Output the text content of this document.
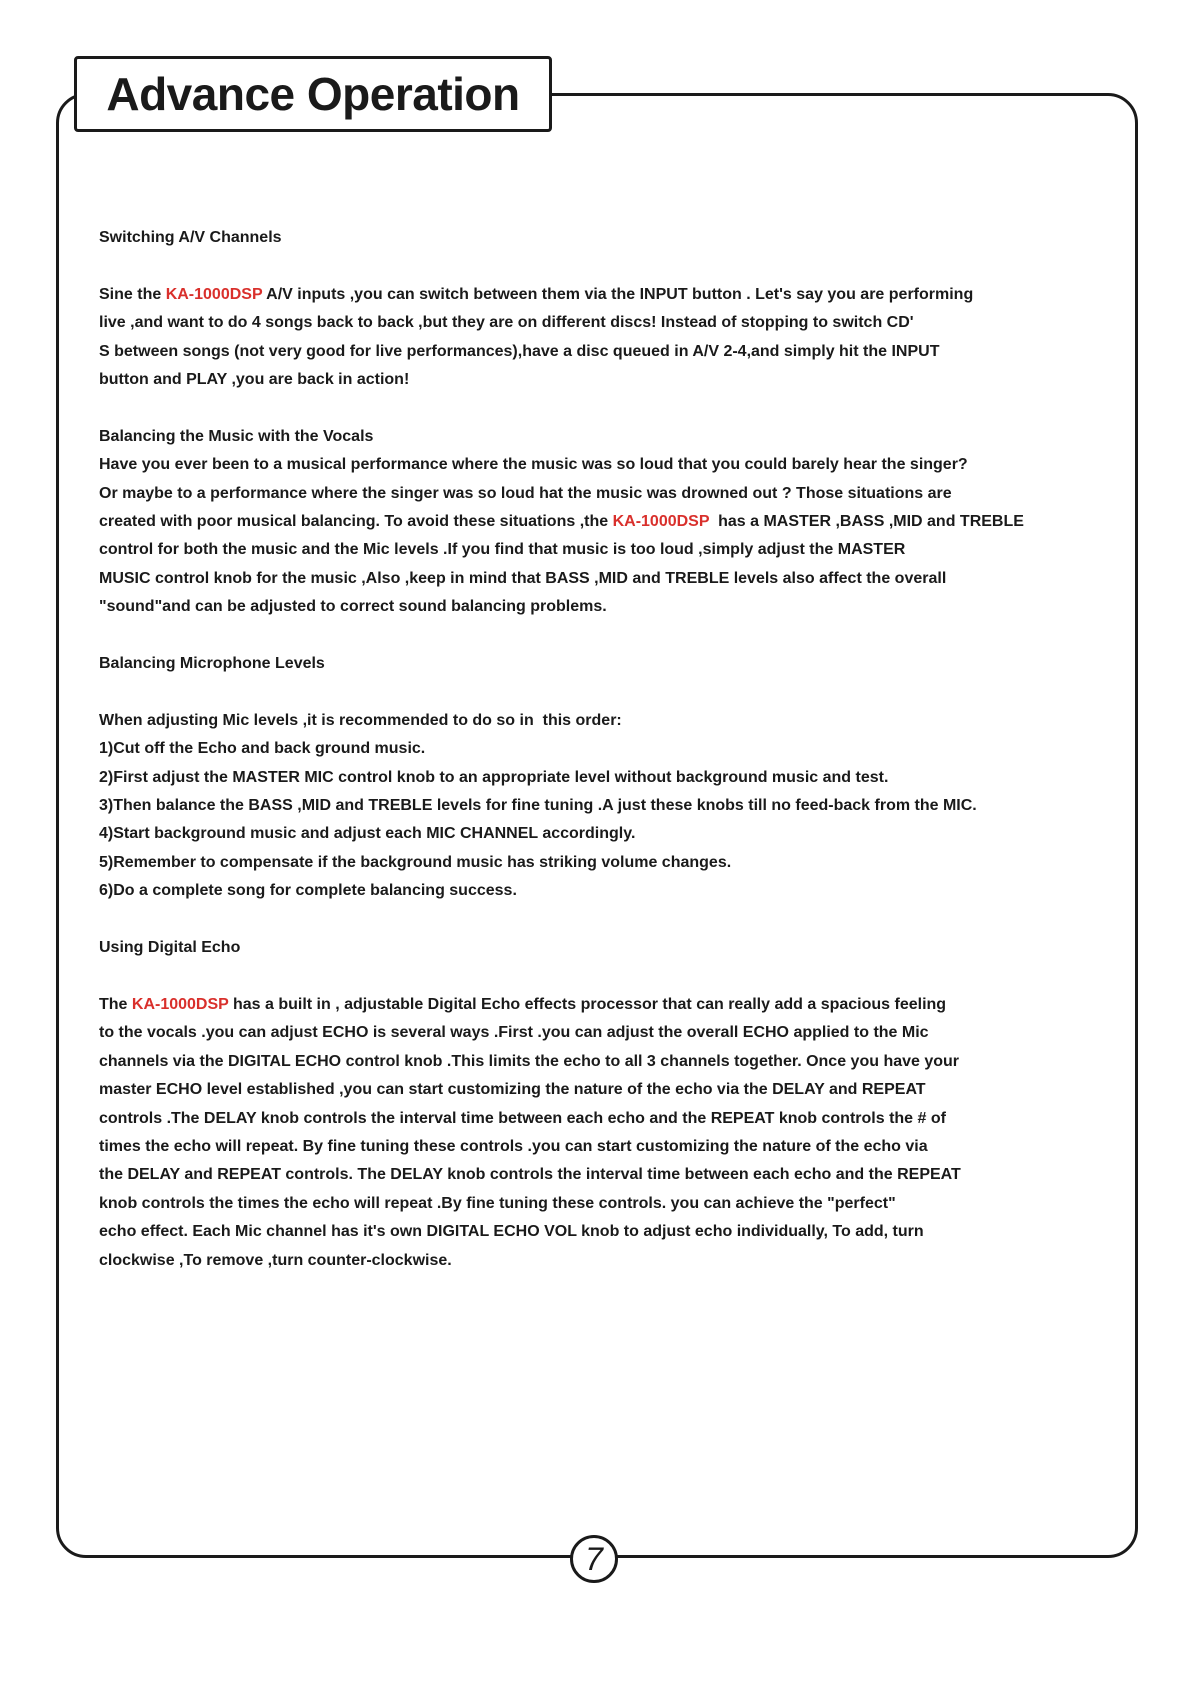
Advance Operation

Switching A/V Channels

Sine the KA-1000DSP A/V inputs ,you can switch between them via the INPUT button . Let's say you are performing

live ,and want to do 4 songs back to back ,but they are on different discs! Instead of stopping to switch CD'

S between songs (not very good for live performances),have a disc queued in A/V 2-4,and simply hit the INPUT

button and PLAY ,you are back in action!

Balancing the Music with the Vocals

Have you ever been to a musical performance where the music was so loud that you could barely hear the singer?

Or maybe to a performance where the singer was so loud hat the music was drowned out ? Those situations are

created with poor musical balancing. To avoid these situations ,the KA-1000DSP  has a MASTER ,BASS ,MID and TREBLE

control for both the music and the Mic levels .If you find that music is too loud ,simply adjust the MASTER

MUSIC control knob for the music ,Also ,keep in mind that BASS ,MID and TREBLE levels also affect the overall

"sound"and can be adjusted to correct sound balancing problems.

Balancing Microphone Levels

When adjusting Mic levels ,it is recommended to do so in  this order:

1)Cut off the Echo and back ground music.

2)First adjust the MASTER MIC control knob to an appropriate level without background music and test.

3)Then balance the BASS ,MID and TREBLE levels for fine tuning .A just these knobs till no feed-back from the MIC.

4)Start background music and adjust each MIC CHANNEL accordingly.

5)Remember to compensate if the background music has striking volume changes.

6)Do a complete song for complete balancing success.

Using Digital Echo

The KA-1000DSP has a built in , adjustable Digital Echo effects processor that can really add a spacious feeling

to the vocals .you can adjust ECHO is several ways .First .you can adjust the overall ECHO applied to the Mic

channels via the DIGITAL ECHO control knob .This limits the echo to all 3 channels together. Once you have your

master ECHO level established ,you can start customizing the nature of the echo via the DELAY and REPEAT

controls .The DELAY knob controls the interval time between each echo and the REPEAT knob controls the # of

times the echo will repeat. By fine tuning these controls .you can start customizing the nature of the echo via

the DELAY and REPEAT controls. The DELAY knob controls the interval time between each echo and the REPEAT

knob controls the times the echo will repeat .By fine tuning these controls. you can achieve the "perfect"

echo effect. Each Mic channel has it's own DIGITAL ECHO VOL knob to adjust echo individually, To add, turn

clockwise ,To remove ,turn counter-clockwise.

7
